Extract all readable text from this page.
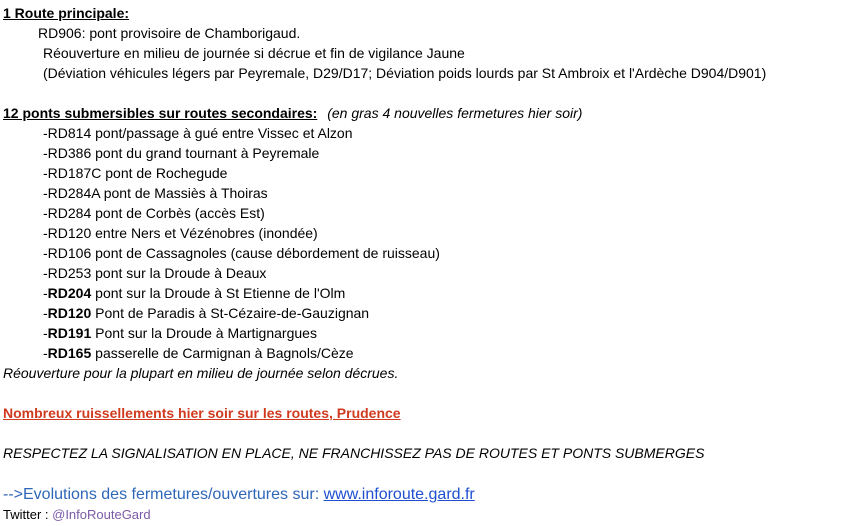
1 Route principale:
RD906: pont provisoire de Chamborigaud.
Réouverture en milieu de journée si décrue et fin de vigilance Jaune
(Déviation véhicules légers par Peyremale, D29/D17; Déviation poids lourds par St Ambroix et l'Ardèche D904/D901)
12 ponts submersibles sur routes secondaires: (en gras 4 nouvelles fermetures hier soir)
-RD814 pont/passage à gué entre Vissec et Alzon
-RD386 pont du grand tournant à Peyremale
-RD187C pont de Rochegude
-RD284A pont de Massiès à Thoiras
-RD284 pont de Corbès (accès Est)
-RD120 entre Ners et Vézénobres (inondée)
-RD106 pont de Cassagnoles (cause débordement de ruisseau)
-RD253 pont sur la Droude à Deaux
-RD204 pont sur la Droude à St Etienne de l'Olm
-RD120 Pont de Paradis à St-Cézaire-de-Gauzignan
-RD191 Pont sur la Droude à Martignargues
-RD165 passerelle de Carmignan à Bagnols/Cèze
Réouverture pour la plupart en milieu de journée selon décrues.
Nombreux ruissellements hier soir sur les routes, Prudence
RESPECTEZ LA SIGNALISATION EN PLACE, NE FRANCHISSEZ PAS DE ROUTES ET PONTS SUBMERGES
-->Evolutions des fermetures/ouvertures sur: www.inforoute.gard.fr
Twitter : @InfoRouteGard
